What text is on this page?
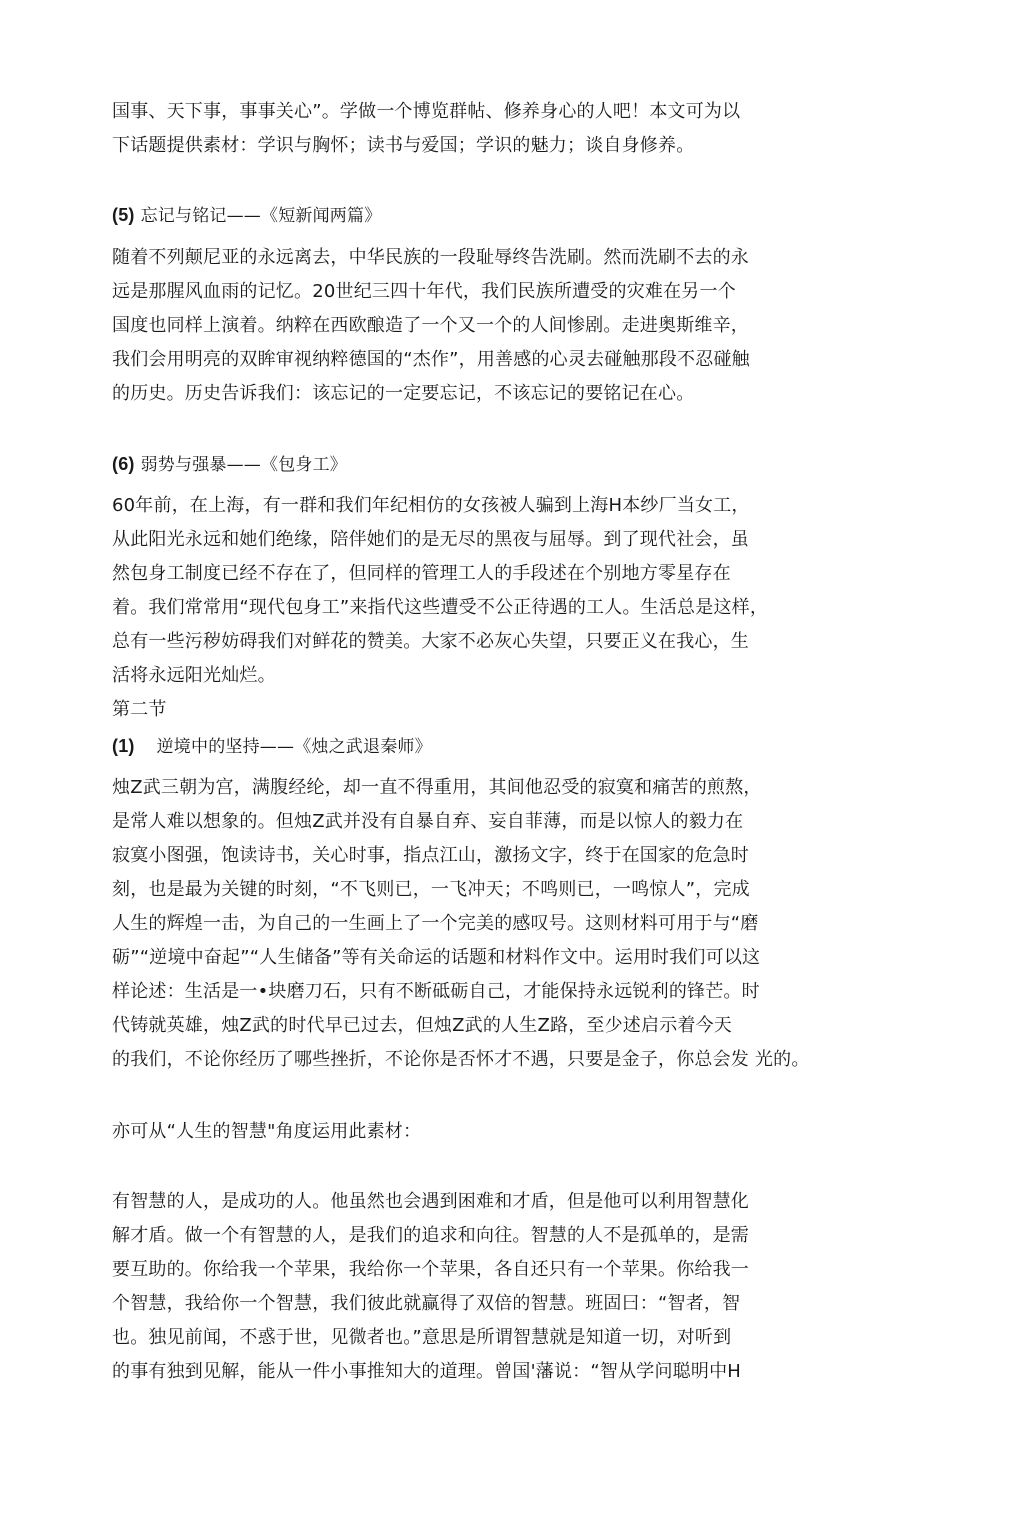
国事、天下事，事事关心”。学做一个博览群帖、修养身心的人吧！本文可为以
下话题提供素材：学识与胸怀；读书与爱国；学识的魅力；谈自身修养。
(5) 忘记与铭记——《短新闻两篇》
随着不列颠尼亚的永远离去，中华民族的一段耻辱终告洗刷。然而洗刷不去的永
远是那腥风血雨的记忆。20世纪三四十年代，我们民族所遭受的灾难在另一个
国度也同样上演着。纳粹在西欧酿造了一个又一个的人间惨剧。走进奥斯维辛，
我们会用明亮的双眸审视纳粹德国的“杰作”，用善感的心灵去碰触那段不忍碰触
的历史。历史告诉我们：该忘记的一定要忘记，不该忘记的要铭记在心。
(6) 弱势与强暴——《包身工》
60年前，在上海，有一群和我们年纪相仿的女孩被人骗到上海H本纱厂当女工，
从此阳光永远和她们绝缘，陪伴她们的是无尽的黑夜与屈辱。到了现代社会，虽
然包身工制度已经不存在了，但同样的管理工人的手段述在个别地方零星存在
着。我们常常用“现代包身工”来指代这些遭受不公正待遇的工人。生活总是这样，
总有一些污秽妨碍我们对鲜花的赞美。大家不必灰心失望，只要正义在我心，生
活将永远阳光灿烂。
第二节
(1) 逆境中的坚持——《烛之武退秦师》
烛Z武三朝为宫，满腹经纶，却一直不得重用，其间他忍受的寂寞和痛苦的煎熬，
是常人难以想象的。但烛Z武并没有自暴自弃、妄自菲薄，而是以惊人的毅力在
寂寞小图强，饱读诗书，关心时事，指点江山，激扬文字，终于在国家的危急时
刻，也是最为关键的时刻，“不飞则已，一飞冲天；不鸣则已，一鸣惊人”，完成
人生的辉煌一击，为自己的一生画上了一个完美的感叹号。这则材料可用于与“磨
砺”“逆境中奋起”“人生储备”等有关命运的话题和材料作文中。运用时我们可以这
样论述：生活是一•块磨刀石，只有不断砥砺自己，才能保持永远锐利的锋芒。时
代铸就英雄，烛Z武的时代早已过去，但烛Z武的人生Z路，至少述启示着今天
的我们，不论你经历了哪些挫折，不论你是否怀才不遇，只要是金子，你总会发 光的。
亦可从“人生的智慧"角度运用此素材：
有智慧的人，是成功的人。他虽然也会遇到困难和才盾，但是他可以利用智慧化
解才盾。做一个有智慧的人，是我们的追求和向往。智慧的人不是孤单的，是需
要互助的。你给我一个苹果，我给你一个苹果，各自还只有一个苹果。你给我一
个智慧，我给你一个智慧，我们彼此就赢得了双倍的智慧。班固曰：“智者，智
也。独见前闻，不惑于世，见微者也。”意思是所谓智慧就是知道一切，对听到
的事有独到见解，能从一件小事推知大的道理。曾国'藩说：“智从学问聪明中H
